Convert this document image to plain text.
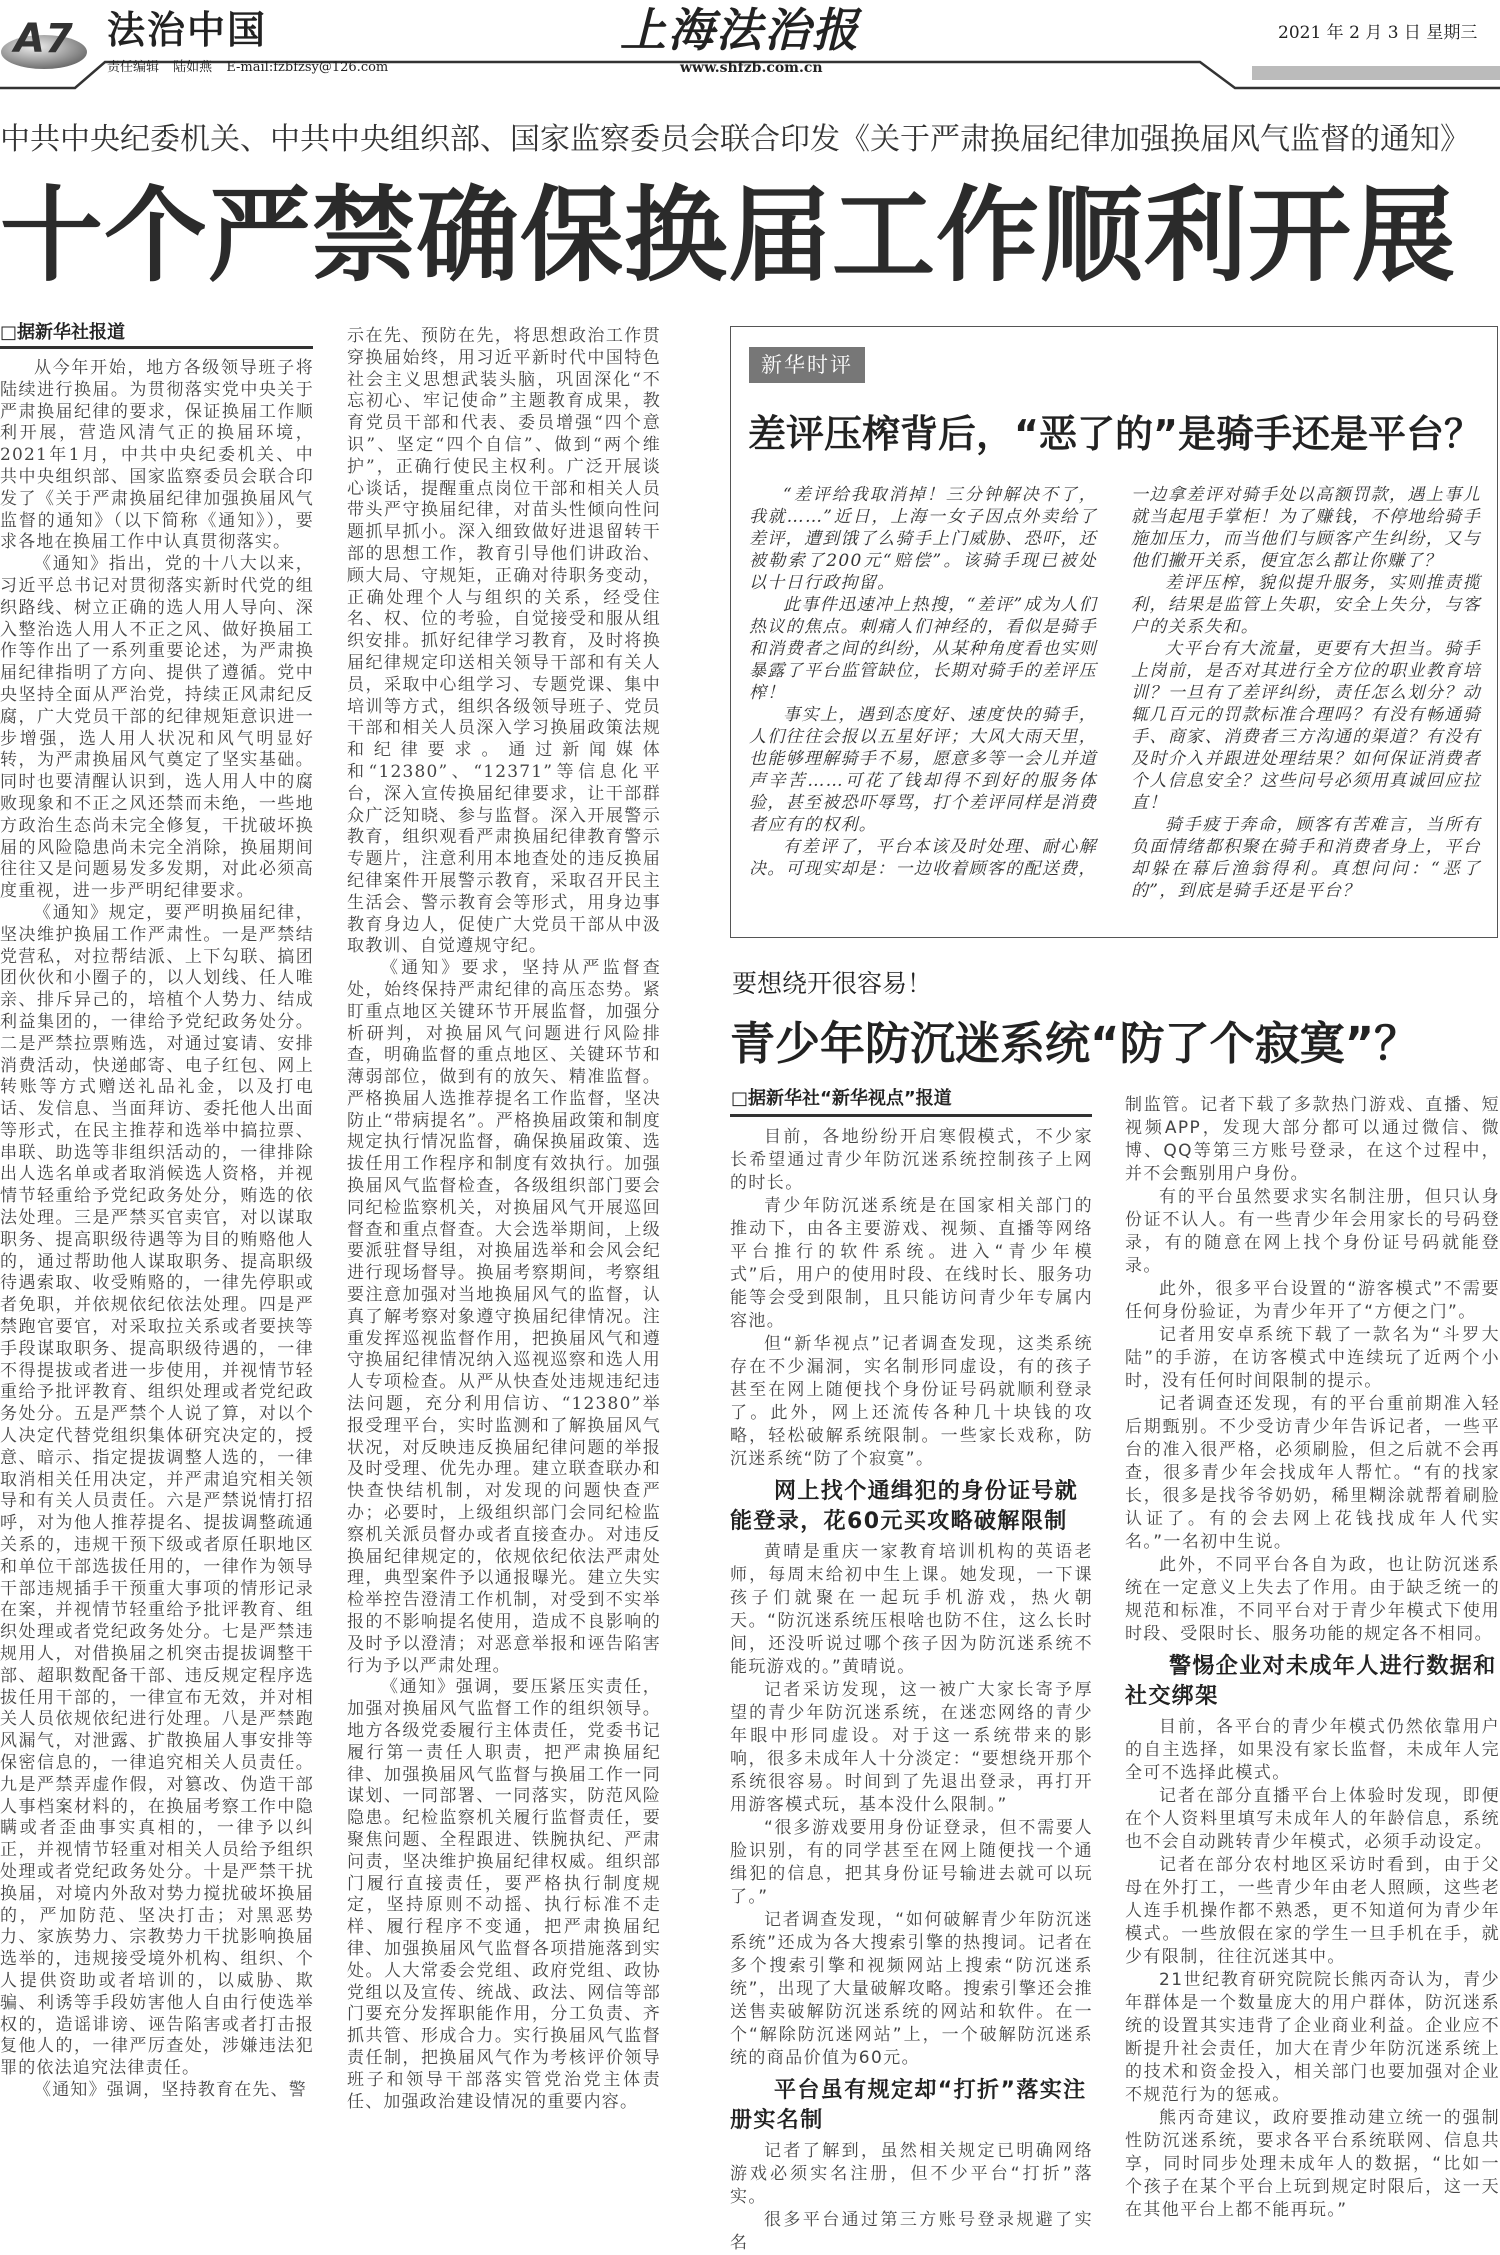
A7 法治中国
责任编辑 陆如燕 E-mail:fzbfzsy@126.com
上海法治报
www.shfzb.com.cn
2021 年 2 月 3 日 星期三
中共中央纪委机关、中共中央组织部、国家监察委员会联合印发《关于严肃换届纪律加强换届风气监督的通知》
十个严禁确保换届工作顺利开展
□据新华社报道

从今年开始，地方各级领导班子将陆续进行换届。为贯彻落实党中央关于严肃换届纪律的要求，保证换届工作顺利开展，营造风清气正的换届环境，2021年1月，中共中央纪委机关、中共中央组织部、国家监察委员会联合印发了《关于严肃换届纪律加强换届风气监督的通知》（以下简称《通知》），要求各地在换届工作中认真贯彻落实。

《通知》指出，党的十八大以来，习近平总书记对贯彻落实新时代党的组织路线、树立正确的选人用人导向、深入整治选人用人不正之风、做好换届工作等作出了一系列重要论述，为严肃换届纪律指明了方向、提供了遵循。党中央坚持全面从严治党，持续正风肃纪反腐，广大党员干部的纪律规矩意识进一步增强，选人用人状况和风气明显好转，为严肃换届风气奠定了坚实基础。同时也要清醒认识到，选人用人中的腐败现象和不正之风还禁而未绝，一些地方政治生态尚未完全修复，干扰破坏换届的风险隐患尚未完全消除，换届期间往往又是问题易发多发期，对此必须高度重视，进一步严明纪律要求。

《通知》规定，要严明换届纪律，坚决维护换届工作严肃性。一是严禁结党营私，对拉帮结派、上下勾联、搞团团伙伙和小圈子的，以人划线、任人唯亲、排斥异己的，培植个人势力、结成利益集团的，一律给予党纪政务处分。二是严禁拉票贿选，对通过宴请、安排消费活动，快递邮寄、电子红包、网上转账等方式赠送礼品礼金，以及打电话、发信息、当面拜访、委托他人出面等形式，在民主推荐和选举中搞拉票、串联、助选等非组织活动的，一律排除出人选名单或者取消候选人资格，并视情节轻重给予党纪政务处分，贿选的依法处理。三是严禁买官卖官，对以谋取职务、提高职级待遇等为目的贿赂他人的，通过帮助他人谋取职务、提高职级待遇索取、收受贿赂的，一律先停职或者免职，并依规依纪依法处理。四是严禁跑官要官，对采取拉关系或者要挟等手段谋取职务、提高职级待遇的，一律不得提拔或者进一步使用，并视情节轻重给予批评教育、组织处理或者党纪政务处分。五是严禁个人说了算，对以个人决定代替党组织集体研究决定的，授意、暗示、指定提拔调整人选的，一律取消相关任用决定，并严肃追究相关领导和有关人员责任。六是严禁说情打招呼，对为他人推荐提名、提拔调整疏通关系的，违规干预下级或者原任职地区和单位干部选拔任用的，一律作为领导干部违规插手干预重大事项的情形记录在案，并视情节轻重给予批评教育、组织处理或者党纪政务处分。七是严禁违规用人，对借换届之机突击提拔调整干部、超职数配备干部、违反规定程序选拔任用干部的，一律宣布无效，并对相关人员依规依纪进行处理。八是严禁跑风漏气，对泄露、扩散换届人事安排等保密信息的，一律追究相关人员责任。九是严禁弄虚作假，对篡改、伪造干部人事档案材料的，在换届考察工作中隐瞒或者歪曲事实真相的，一律予以纠正，并视情节轻重对相关人员给予组织处理或者党纪政务处分。十是严禁干扰换届，对境内外敌对势力搅扰破坏换届的，严加防范、坚决打击；对黑恶势力、家族势力、宗教势力干扰影响换届选举的，违规接受境外机构、组织、个人提供资助或者培训的，以威胁、欺骗、利诱等手段妨害他人自由行使选举权的，造谣诽谤、诬告陷害或者打击报复他人的，一律严厉查处，涉嫌违法犯罪的依法追究法律责任。

《通知》强调，坚持教育在先、警

示在先、预防在先，将思想政治工作贯穿换届始终，用习近平新时代中国特色社会主义思想武装头脑，巩固深化“不忘初心、牢记使命”主题教育成果，教育党员干部和代表、委员增强“四个意识”、坚定“四个自信”、做到“两个维护”，正确行使民主权利。广泛开展谈心谈话，提醒重点岗位干部和相关人员带头严守换届纪律，对苗头性倾向性问题抓早抓小。深入细致做好进退留转干部的思想工作，教育引导他们讲政治、顾大局、守规矩，正确对待职务变动，正确处理个人与组织的关系，经受住名、权、位的考验，自觉接受和服从组织安排。抓好纪律学习教育，及时将换届纪律规定印送相关领导干部和有关人员，采取中心组学习、专题党课、集中培训等方式，组织各级领导班子、党员干部和相关人员深入学习换届政策法规和纪律要求。通过新闻媒体和“12380”、“12371”等信息化平台，深入宣传换届纪律要求，让干部群众广泛知晓、参与监督。深入开展警示教育，组织观看严肃换届纪律教育警示专题片，注意利用本地查处的违反换届纪律案件开展警示教育，采取召开民主生活会、警示教育会等形式，用身边事教育身边人，促使广大党员干部从中汲取教训、自觉遵规守纪。

《通知》要求，坚持从严监督查处，始终保持严肃纪律的高压态势。紧盯重点地区关键环节开展监督，加强分析研判，对换届风气问题进行风险排查，明确监督的重点地区、关键环节和薄弱部位，做到有的放矢、精准监督。严格换届人选推荐提名工作监督，坚决防止“带病提名”。严格换届政策和制度规定执行情况监督，确保换届政策、选拔任用工作程序和制度有效执行。加强换届风气监督检查，各级组织部门要会同纪检监察机关，对换届风气开展巡回督查和重点督查。大会选举期间，上级要派驻督导组，对换届选举和会风会纪进行现场督导。换届考察期间，考察组要注意加强对当地换届风气的监督，认真了解考察对象遵守换届纪律情况。注重发挥巡视监督作用，把换届风气和遵守换届纪律情况纳入巡视巡察和选人用人专项检查。从严从快查处违规违纪违法问题，充分利用信访、“12380”举报受理平台，实时监测和了解换届风气状况，对反映违反换届纪律问题的举报及时受理、优先办理。建立联查联办和快查快结机制，对发现的问题快查严办；必要时，上级组织部门会同纪检监察机关派员督办或者直接查办。对违反换届纪律规定的，依规依纪依法严肃处理，典型案件予以通报曝光。建立失实检举控告澄清工作机制，对受到不实举报的不影响提名使用，造成不良影响的及时予以澄清；对恶意举报和诬告陷害行为予以严肃处理。

《通知》强调，要压紧压实责任，加强对换届风气监督工作的组织领导。地方各级党委履行主体责任，党委书记履行第一责任人职责，把严肃换届纪律、加强换届风气监督与换届工作一同谋划、一同部署、一同落实，防范风险隐患。纪检监察机关履行监督责任，要聚焦问题、全程跟进、铁腕执纪、严肃问责，坚决维护换届纪律权威。组织部门履行直接责任，要严格执行制度规定，坚持原则不动摇、执行标准不走样、履行程序不变通，把严肃换届纪律、加强换届风气监督各项措施落到实处。人大常委会党组、政府党组、政协党组以及宣传、统战、政法、网信等部门要充分发挥职能作用，分工负责、齐抓共管、形成合力。实行换届风气监督责任制，把换届风气作为考核评价领导班子和领导干部落实管党治党主体责任、加强政治建设情况的重要内容。

新华时评
差评压榨背后，“恶了的”是骑手还是平台？

“差评给我取消掉！三分钟解决不了，我就……”近日，上海一女子因点外卖给了差评，遭到饿了么骑手上门威胁、恐吓，还被勒索了200元“赔偿”。该骑手现已被处以十日行政拘留。

此事件迅速冲上热搜，“差评”成为人们热议的焦点。刺痛人们神经的，看似是骑手和消费者之间的纠纷，从某种角度看也实则暴露了平台监管缺位，长期对骑手的差评压榨！

事实上，遇到态度好、速度快的骑手，人们往往会报以五星好评；大风大雨天里，也能够理解骑手不易，愿意多等一会儿并道声辛苦……可花了钱却得不到好的服务体验，甚至被恐吓辱骂，打个差评同样是消费者应有的权利。

有差评了，平台本该及时处理、耐心解决。可现实却是：一边收着顾客的配送费，

一边拿差评对骑手处以高额罚款，遇上事儿就当起甩手掌柜！为了赚钱，不停地给骑手施加压力，而当他们与顾客产生纠纷，又与他们撇开关系，便宜怎么都让你赚了？

差评压榨，貌似提升服务，实则推责揽利，结果是监管上失职，安全上失分，与客户的关系失和。

大平台有大流量，更要有大担当。骑手上岗前，是否对其进行全方位的职业教育培训？一旦有了差评纠纷，责任怎么划分？动辄几百元的罚款标准合理吗？有没有畅通骑手、商家、消费者三方沟通的渠道？有没有及时介入并跟进处理结果？如何保证消费者个人信息安全？这些问号必须用真诚回应拉直！

骑手疲于奔命，顾客有苦难言，当所有负面情绪都积聚在骑手和消费者身上，平台却躲在幕后渔翁得利。真想问问：“恶了的”，到底是骑手还是平台？

要想绕开很容易！
青少年防沉迷系统“防了个寂寞”？
□据新华社“新华视点”报道

目前，各地纷纷开启寒假模式，不少家长希望通过青少年防沉迷系统控制孩子上网的时长。

青少年防沉迷系统是在国家相关部门的推动下，由各主要游戏、视频、直播等网络平台推行的软件系统。进入“青少年模式”后，用户的使用时段、在线时长、服务功能等会受到限制，且只能访问青少年专属内容池。

但“新华视点”记者调查发现，这类系统存在不少漏洞，实名制形同虚设，有的孩子甚至在网上随便找个身份证号码就顺利登录了。此外，网上还流传各种几十块钱的攻略，轻松破解系统限制。一些家长戏称，防沉迷系统“防了个寂寞”。

网上找个通缉犯的身份证号就能登录，花60元买攻略破解限制

黄晴是重庆一家教育培训机构的英语老师，每周末给初中生上课。她发现，一下课孩子们就聚在一起玩手机游戏，热火朝天。“防沉迷系统压根啥也防不住，这么长时间，还没听说过哪个孩子因为防沉迷系统不能玩游戏的。”黄晴说。

记者采访发现，这一被广大家长寄予厚望的青少年防沉迷系统，在迷恋网络的青少年眼中形同虚设。对于这一系统带来的影响，很多未成年人十分淡定：“要想绕开那个系统很容易。时间到了先退出登录，再打开用游客模式玩，基本没什么限制。”

“很多游戏要用身份证登录，但不需要人脸识别，有的同学甚至在网上随便找一个通缉犯的信息，把其身份证号输进去就可以玩了。”

记者调查发现，“如何破解青少年防沉迷系统”还成为各大搜索引擎的热搜词。记者在多个搜索引擎和视频网站上搜索“防沉迷系统”，出现了大量破解攻略。搜索引擎还会推送售卖破解防沉迷系统的网站和软件。在一个“解除防沉迷网站”上，一个破解防沉迷系统的商品价值为60元。

平台虽有规定却“打折”落实注册实名制

记者了解到，虽然相关规定已明确网络游戏必须实名注册，但不少平台“打折”落实。

很多平台通过第三方账号登录规避了实名

制监管。记者下载了多款热门游戏、直播、短视频APP，发现大部分都可以通过微信、微博、QQ等第三方账号登录，在这个过程中，并不会甄别用户身份。

有的平台虽然要求实名制注册，但只认身份证不认人。有一些青少年会用家长的号码登录，有的随意在网上找个身份证号码就能登录。

此外，很多平台设置的“游客模式”不需要任何身份验证，为青少年开了“方便之门”。

记者用安卓系统下载了一款名为“斗罗大陆”的手游，在访客模式中连续玩了近两个小时，没有任何时间限制的提示。

记者调查还发现，有的平台重前期准入轻后期甄别。不少受访青少年告诉记者，一些平台的准入很严格，必须刷脸，但之后就不会再查，很多青少年会找成年人帮忙。“有的找家长，很多是找爷爷奶奶，稀里糊涂就帮着刷脸认证了。有的会去网上花钱找成年人代实名。”一名初中生说。

此外，不同平台各自为政，也让防沉迷系统在一定意义上失去了作用。由于缺乏统一的规范和标准，不同平台对于青少年模式下使用时段、受限时长、服务功能的规定各不相同。

警惕企业对未成年人进行数据和社交绑架

目前，各平台的青少年模式仍然依靠用户的自主选择，如果没有家长监督，未成年人完全可不选择此模式。

记者在部分直播平台上体验时发现，即便在个人资料里填写未成年人的年龄信息，系统也不会自动跳转青少年模式，必须手动设定。

记者在部分农村地区采访时看到，由于父母在外打工，一些青少年由老人照顾，这些老人连手机操作都不熟悉，更不知道何为青少年模式。一些放假在家的学生一旦手机在手，就少有限制，往往沉迷其中。

21世纪教育研究院院长熊丙奇认为，青少年群体是一个数量庞大的用户群体，防沉迷系统的设置其实违背了企业商业利益。企业应不断提升社会责任，加大在青少年防沉迷系统上的技术和资金投入，相关部门也要加强对企业不规范行为的惩戒。

熊丙奇建议，政府要推动建立统一的强制性防沉迷系统，要求各平台系统联网、信息共享，同时同步处理未成年人的数据，“比如一个孩子在某个平台上玩到规定时限后，这一天在其他平台上都不能再玩。”
